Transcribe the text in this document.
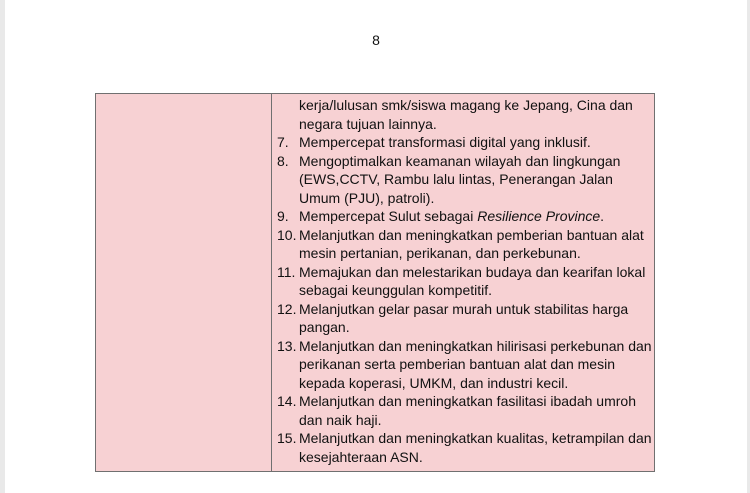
8
kerja/lulusan smk/siswa magang ke Jepang, Cina dan negara tujuan lainnya.
7. Mempercepat transformasi digital yang inklusif.
8. Mengoptimalkan keamanan wilayah dan lingkungan (EWS,CCTV, Rambu lalu lintas, Penerangan Jalan Umum (PJU), patroli).
9. Mempercepat Sulut sebagai Resilience Province.
10. Melanjutkan dan meningkatkan pemberian bantuan alat mesin pertanian, perikanan, dan perkebunan.
11. Memajukan dan melestarikan budaya dan kearifan lokal sebagai keunggulan kompetitif.
12. Melanjutkan gelar pasar murah untuk stabilitas harga pangan.
13. Melanjutkan dan meningkatkan hilirisasi perkebunan dan perikanan serta pemberian bantuan alat dan mesin kepada koperasi, UMKM, dan industri kecil.
14. Melanjutkan dan meningkatkan fasilitasi ibadah umroh dan naik haji.
15. Melanjutkan dan meningkatkan kualitas, ketrampilan dan kesejahteraan ASN.
